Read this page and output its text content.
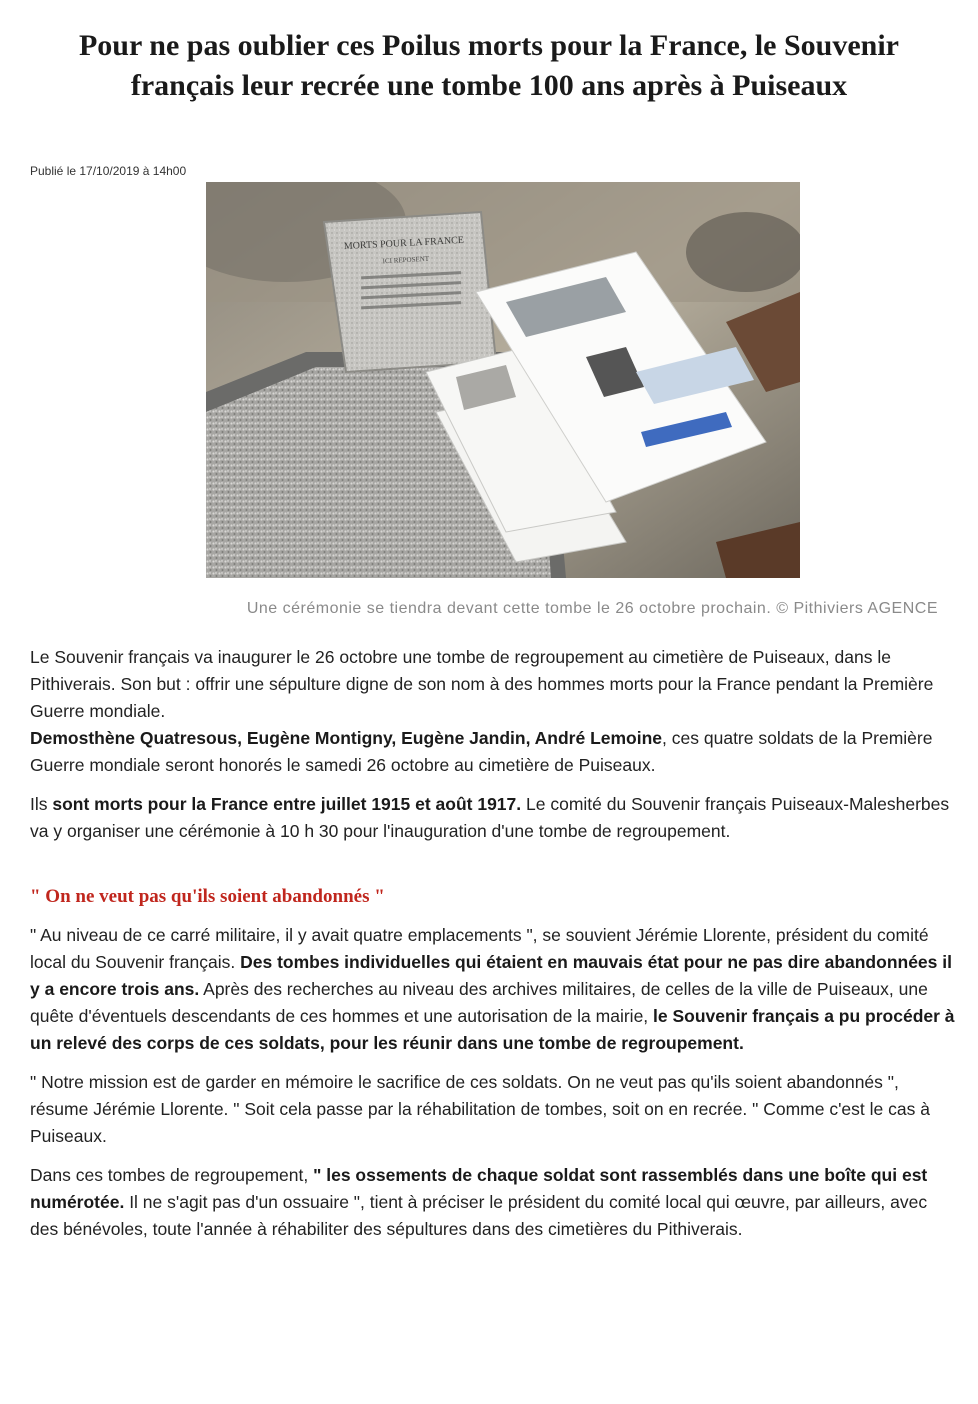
Pour ne pas oublier ces Poilus morts pour la France, le Souvenir français leur recrée une tombe 100 ans après à Puiseaux
Publié le 17/10/2019 à 14h00
MORTS POUR LA FRANCE
ICI REPOSENT
Une cérémonie se tiendra devant cette tombe le 26 octobre prochain. © Pithiviers AGENCE

Le Souvenir français va inaugurer le 26 octobre une tombe de regroupement au cimetière de Puiseaux, dans le Pithiverais. Son but : offrir une sépulture digne de son nom à des hommes morts pour la France pendant la Première Guerre mondiale.

Demosthène Quatresous, Eugène Montigny, Eugène Jandin, André Lemoine, ces quatre soldats de la Première Guerre mondiale seront honorés le samedi 26 octobre au cimetière de Puiseaux.

Ils sont morts pour la France entre juillet 1915 et août 1917. Le comité du Souvenir français Puiseaux-Malesherbes va y organiser une cérémonie à 10 h 30 pour l'inauguration d'une tombe de regroupement.

" On ne veut pas qu'ils soient abandonnés "

" Au niveau de ce carré militaire, il y avait quatre emplacements ", se souvient Jérémie Llorente, président du comité local du Souvenir français. Des tombes individuelles qui étaient en mauvais état pour ne pas dire abandonnées il y a encore trois ans. Après des recherches au niveau des archives militaires, de celles de la ville de Puiseaux, une quête d'éventuels descendants de ces hommes et une autorisation de la mairie, le Souvenir français a pu procéder à un relevé des corps de ces soldats, pour les réunir dans une tombe de regroupement.

" Notre mission est de garder en mémoire le sacrifice de ces soldats. On ne veut pas qu'ils soient abandonnés ", résume Jérémie Llorente. " Soit cela passe par la réhabilitation de tombes, soit on en recrée. " Comme c'est le cas à Puiseaux.

Dans ces tombes de regroupement, " les ossements de chaque soldat sont rassemblés dans une boîte qui est numérotée. Il ne s'agit pas d'un ossuaire ", tient à préciser le président du comité local qui œuvre, par ailleurs, avec des bénévoles, toute l'année à réhabiliter des sépultures dans des cimetières du Pithiverais.
